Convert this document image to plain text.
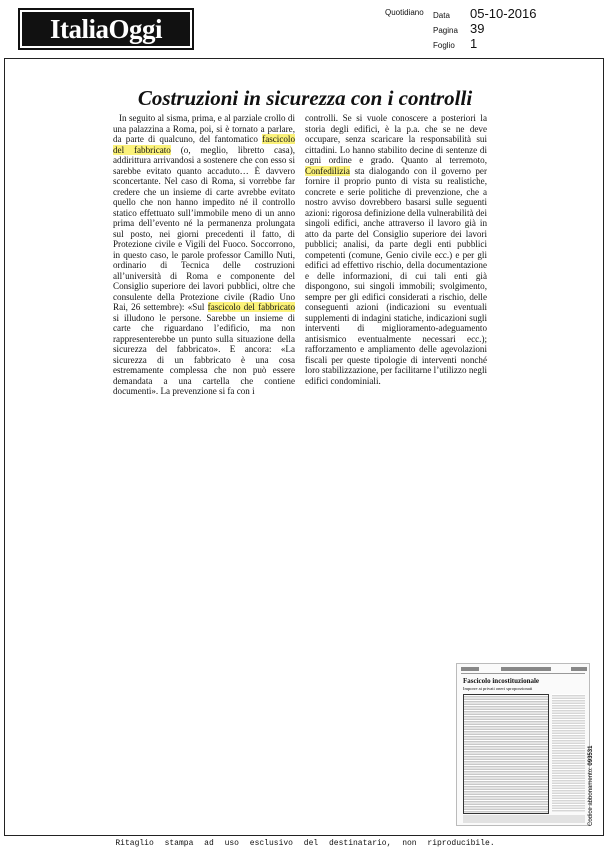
ItaliaOggi
Quotidiano Data	05-10-2016
Pagina 39
Foglio	1
Costruzioni in sicurezza con i controlli

In seguito al sisma, prima, e al parziale crollo di una palazzina a Roma, poi, si è tornato a parlare, da parte di qualcuno, del fantomatico fascicolo del fabbricato (o, meglio, libretto casa), addirittura arrivandosi a sostenere che con esso si sarebbe evitato quanto accaduto… È davvero sconcertante. Nel caso di Roma, si vorrebbe far credere che un insieme di carte avrebbe evitato quello che non hanno impedito né il controllo statico effettuato sull’immobile meno di un anno prima dell’evento né la permanenza prolungata sul posto, nei giorni precedenti il fatto, di Protezione civile e Vigili del Fuoco. Soccorrono, in questo caso, le parole professor Camillo Nuti, ordinario di Tecnica delle costruzioni all’università di Roma e componente del Consiglio superiore dei lavori pubblici, oltre che consulente della Protezione civile (Radio Uno Rai, 26 settembre): «Sul fascicolo del fabbricato si illudono le persone. Sarebbe un insieme di carte che riguardano l’edificio, ma non rappresenterebbe un punto sulla situazione della sicurezza del fabbricato». E ancora: «La sicurezza di un fabbricato è una cosa estremamente complessa che non può essere demandata a una cartella che contiene documenti». La prevenzione si fa con i

controlli. Se si vuole conoscere a posteriori la storia degli edifici, è la p.a. che se ne deve occupare, senza scaricare la responsabilità sui cittadini. Lo hanno stabilito decine di sentenze di ogni ordine e grado. Quanto al terremoto, Confedilizia sta dialogando con il governo per fornire il proprio punto di vista su realistiche, concrete e serie politiche di prevenzione, che a nostro avviso dovrebbero basarsi sulle seguenti azioni: rigorosa definizione della vulnerabilità dei singoli edifici, anche attraverso il lavoro già in atto da parte del Consiglio superiore dei lavori pubblici; analisi, da parte degli enti pubblici competenti (comune, Genio civile ecc.) e per gli edifici ad effettivo rischio, della documentazione e delle informazioni, di cui tali enti già dispongono, sui singoli immobili; svolgimento, sempre per gli edifici considerati a rischio, delle conseguenti azioni (indicazioni su eventuali supplementi di indagini statiche, indicazioni sugli interventi di miglioramento-adeguamento antisismico eventualmente necessari ecc.); rafforzamento e ampliamento delle agevolazioni fiscali per queste tipologie di interventi nonché loro stabilizzazione, per facilitarne l’utilizzo negli edifici condominiali.

Fascicolo incostituzionale
Imporre ai privati oneri sproporzionati
Codice abbonamento: 093531
Ritaglio stampa ad uso esclusivo del destinatario, non riproducibile.
